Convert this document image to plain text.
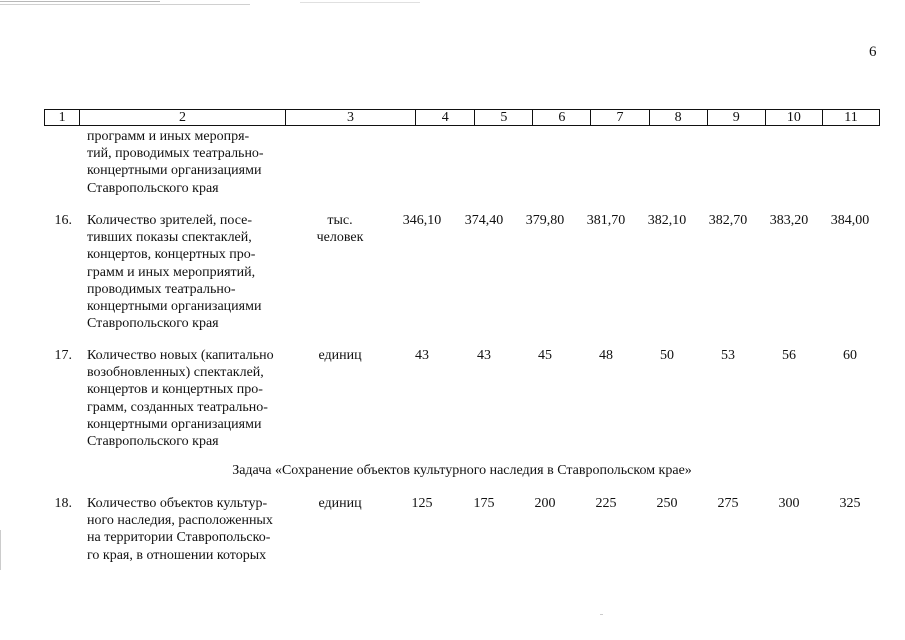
6
1	2	3	4	5	6	7	8	9	10	11
программ и иных меропря-
тий, проводимых театрально-
концертными организациями
Ставропольского края
16. Количество зрителей, посе-
тивших показы спектаклей,
концертов, концертных про-
грамм и иных мероприятий,
проводимых театрально-
концертными организациями
Ставропольского края
тыс.
человек
346,10	374,40	379,80	381,70	382,10	382,70	383,20	384,00
17. Количество новых (капитально
возобновленных) спектаклей,
концертов и концертных про-
грамм, созданных театрально-
концертными организациями
Ставропольского края
единиц	43	43	45	48	50	53	56	60
Задача «Сохранение объектов культурного наследия в Ставропольском крае»
18. Количество объектов культур-
ного наследия, расположенных
на территории Ставропольско-
го края, в отношении которых
единиц	125	175	200	225	250	275	300	325
